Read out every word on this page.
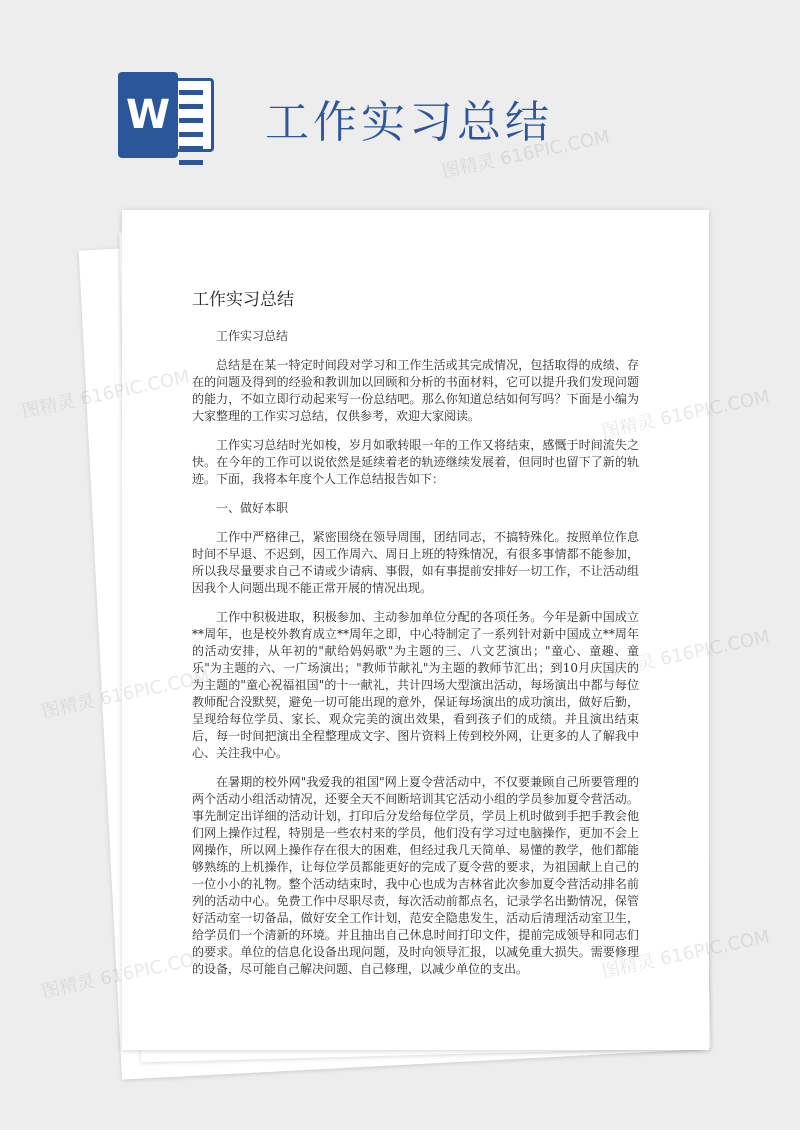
W 工作实习总结
工作实习总结

工作实习总结

总结是在某一特定时间段对学习和工作生活或其完成情况，包括取得的成绩、存在的问题及得到的经验和教训加以回顾和分析的书面材料，它可以提升我们发现问题的能力，不如立即行动起来写一份总结吧。那么你知道总结如何写吗？下面是小编为大家整理的工作实习总结，仅供参考，欢迎大家阅读。

工作实习总结时光如梭，岁月如歌转眼一年的工作又将结束，感慨于时间流失之快。在今年的工作可以说依然是延续着老的轨迹继续发展着，但同时也留下了新的轨迹。下面，我将本年度个人工作总结报告如下：

一、做好本职

工作中严格律己，紧密围绕在领导周围，团结同志，不搞特殊化。按照单位作息时间不早退、不迟到，因工作周六、周日上班的特殊情况，有很多事情都不能参加，所以我尽量要求自己不请或少请病、事假，如有事提前安排好一切工作，不让活动组因我个人问题出现不能正常开展的情况出现。

工作中积极进取，积极参加、主动参加单位分配的各项任务。今年是新中国成立**周年，也是校外教育成立**周年之即，中心特制定了一系列针对新中国成立**周年的活动安排，从年初的"献给妈妈歌"为主题的三、八文艺演出；"童心、童趣、童乐"为主题的六、一广场演出；"教师节献礼"为主题的教师节汇出；到10月庆国庆的为主题的"童心祝福祖国"的十一献礼，共计四场大型演出活动，每场演出中都与每位教师配合没默契，避免一切可能出现的意外，保证每场演出的成功演出，做好后勤，呈现给每位学员、家长、观众完美的演出效果，看到孩子们的成绩。并且演出结束后，每一时间把演出全程整理成文字、图片资料上传到校外网，让更多的人了解我中心、关注我中心。

在暑期的校外网"我爱我的祖国"网上夏令营活动中，不仅要兼顾自己所要管理的两个活动小组活动情况，还要全天不间断培训其它活动小组的学员参加夏令营活动。事先制定出详细的活动计划，打印后分发给每位学员，学员上机时做到手把手教会他们网上操作过程，特别是一些农村来的学员，他们没有学习过电脑操作，更加不会上网操作，所以网上操作存在很大的困难，但经过我几天简单、易懂的教学，他们都能够熟练的上机操作，让每位学员都能更好的完成了夏令营的要求，为祖国献上自己的一位小小的礼物。整个活动结束时，我中心也成为吉林省此次参加夏令营活动排名前列的活动中心。免费工作中尽职尽责，每次活动前都点名，记录学名出勤情况，保管好活动室一切备品，做好安全工作计划，范安全隐患发生，活动后清理活动室卫生，给学员们一个清新的环境。并且抽出自己休息时间打印文件，提前完成领导和同志们的要求。单位的信息化设备出现问题，及时向领导汇报，以减免重大损失。需要修理的设备，尽可能自己解决问题、自己修理，以减少单位的支出。

图精灵 616PIC.COM
图精灵 616PIC.COM	图精灵 616PIC.COM
图精灵 616PIC.COM
图精灵 616PIC.COM
图精灵 616PIC.COM	图精灵 616PIC.COM
